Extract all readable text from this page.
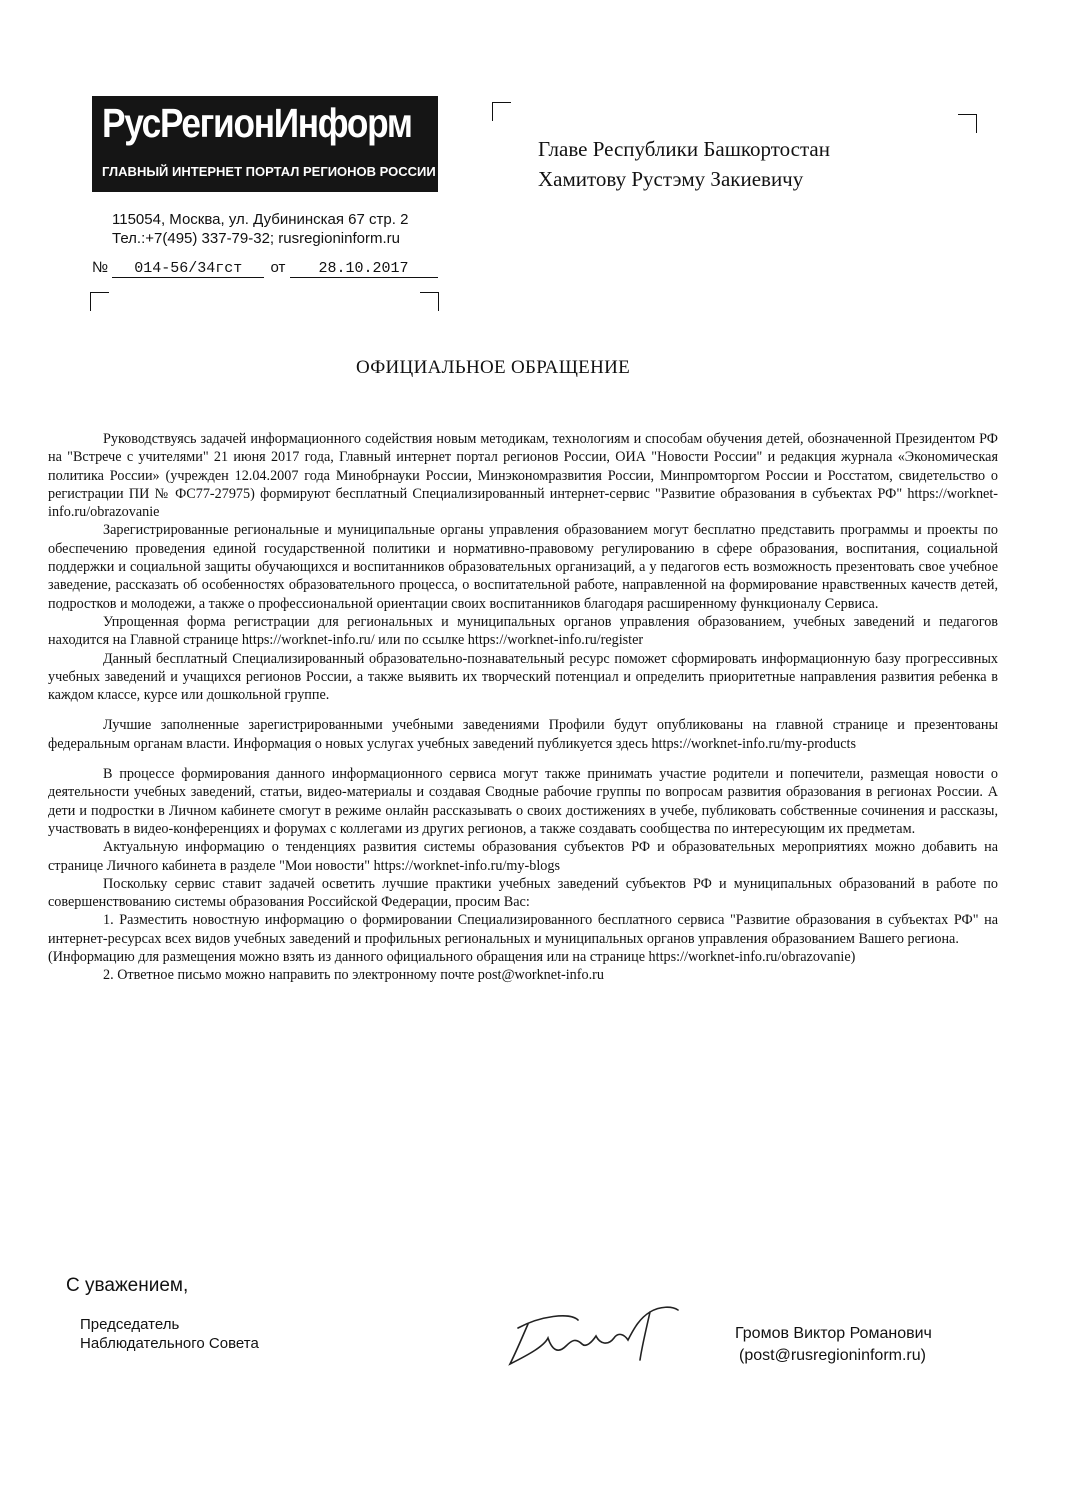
РусРегионИнформ
ГЛАВНЫЙ ИНТЕРНЕТ ПОРТАЛ РЕГИОНОВ РОССИИ
115054, Москва, ул. Дубининская 67 стр. 2
Тел.:+7(495) 337-79-32; rusregioninform.ru
№ 014-56/34гст от 28.10.2017
Главе Республики Башкортостан
Хамитову Рустэму Закиевичу
ОФИЦИАЛЬНОЕ ОБРАЩЕНИЕ

Руководствуясь задачей информационного содействия новым методикам, технологиям и способам обучения детей, обозначенной Президентом РФ на "Встрече с учителями" 21 июня 2017 года, Главный интернет портал регионов России, ОИА "Новости России" и редакция журнала «Экономическая политика России» (учрежден 12.04.2007 года Минобрнауки России, Минэкономразвития России, Минпромторгом России и Росстатом, свидетельство о регистрации ПИ № ФС77-27975) формируют бесплатный Специализированный интернет-сервис "Развитие образования в субъектах РФ" https://worknet-info.ru/obrazovanie

Зарегистрированные региональные и муниципальные органы управления образованием могут бесплатно представить программы и проекты по обеспечению проведения единой государственной политики и нормативно-правовому регулированию в сфере образования, воспитания, социальной поддержки и социальной защиты обучающихся и воспитанников образовательных организаций, а у педагогов есть возможность презентовать свое учебное заведение, рассказать об особенностях образовательного процесса, о воспитательной работе, направленной на формирование нравственных качеств детей, подростков и молодежи, а также о профессиональной ориентации своих воспитанников благодаря расширенному функционалу Сервиса.

Упрощенная форма регистрации для региональных и муниципальных органов управления образованием, учебных заведений и педагогов находится на Главной странице https://worknet-info.ru/ или по ссылке https://worknet-info.ru/register

Данный бесплатный Специализированный образовательно-познавательный ресурс поможет сформировать информационную базу прогрессивных учебных заведений и учащихся регионов России, а также выявить их творческий потенциал и определить приоритетные направления развития ребенка в каждом классе, курсе или дошкольной группе.

Лучшие заполненные зарегистрированными учебными заведениями Профили будут опубликованы на главной странице и презентованы федеральным органам власти. Информация о новых услугах учебных заведений публикуется здесь https://worknet-info.ru/my-products

В процессе формирования данного информационного сервиса могут также принимать участие родители и попечители, размещая новости о деятельности учебных заведений, статьи, видео-материалы и создавая Сводные рабочие группы по вопросам развития образования в регионах России. А дети и подростки в Личном кабинете смогут в режиме онлайн рассказывать о своих достижениях в учебе, публиковать собственные сочинения и рассказы, участвовать в видео-конференциях и форумах с коллегами из других регионов, а также создавать сообщества по интересующим их предметам.

Актуальную информацию о тенденциях развития системы образования субъектов РФ и образовательных мероприятиях можно добавить на странице Личного кабинета в разделе "Мои новости" https://worknet-info.ru/my-blogs

Поскольку сервис ставит задачей осветить лучшие практики учебных заведений субъектов РФ и муниципальных образований в работе по совершенствованию системы образования Российской Федерации, просим Вас:

1. Разместить новостную информацию о формировании Специализированного бесплатного сервиса "Развитие образования в субъектах РФ" на интернет-ресурсах всех видов учебных заведений и профильных региональных и муниципальных органов управления образованием Вашего региона.

(Информацию для размещения можно взять из данного официального обращения или на странице https://worknet-info.ru/obrazovanie)

2. Ответное письмо можно направить по электронному почте post@worknet-info.ru

С уважением,
Председатель
Наблюдательного Совета
Громов Виктор Романович
(post@rusregioninform.ru)
